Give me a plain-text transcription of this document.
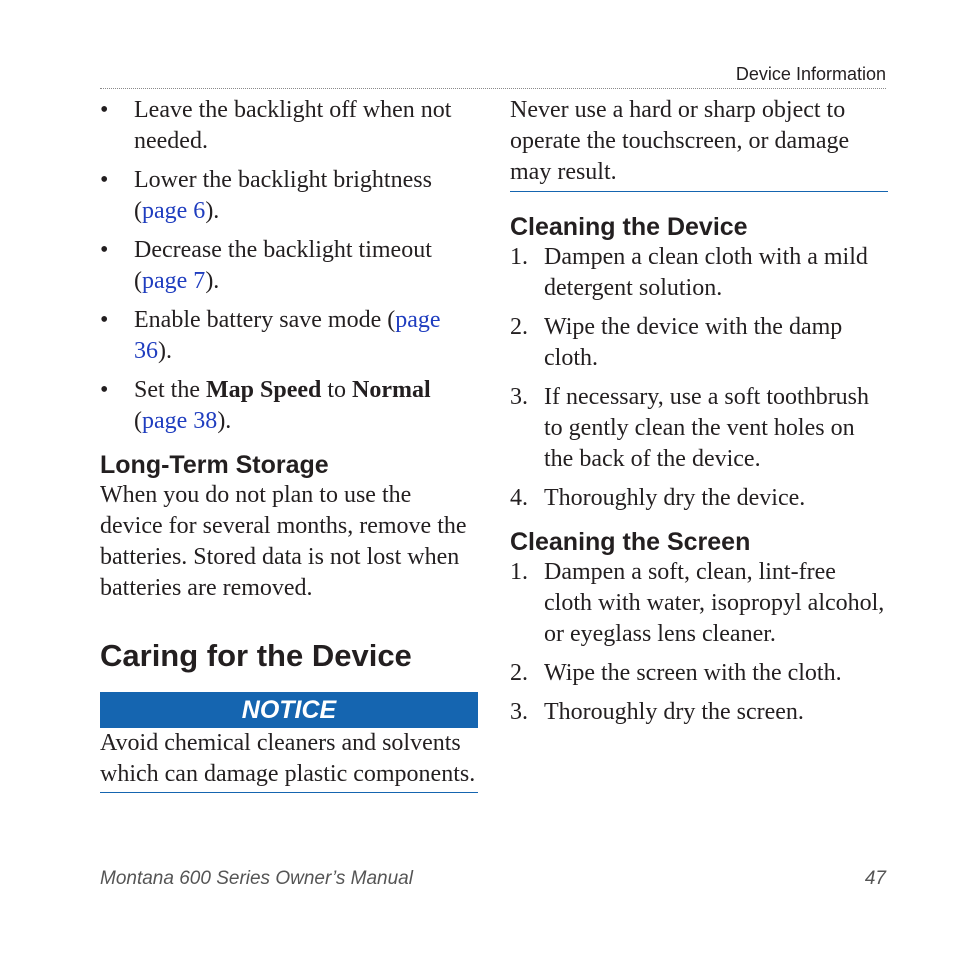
Device Information
• Leave the backlight off when not needed.
• Lower the backlight brightness (page 6).
• Decrease the backlight timeout (page 7).
• Enable battery save mode (page 36).
• Set the Map Speed to Normal
(page 38).
Long-Term Storage

When you do not plan to use the device for several months, remove the batteries. Stored data is not lost when batteries are removed.

Caring for the Device
NOTICE

Avoid chemical cleaners and solvents which can damage plastic components.

Never use a hard or sharp object to operate the touchscreen, or damage may result.

Cleaning the Device
1. Dampen a clean cloth with a mild detergent solution.
2. Wipe the device with the damp cloth.
3. If necessary, use a soft toothbrush to gently clean the vent holes on the back of the device.
4. Thoroughly dry the device.
Cleaning the Screen
1. Dampen a soft, clean, lint-free cloth with water, isopropyl alcohol, or eyeglass lens cleaner.
2. Wipe the screen with the cloth.
3. Thoroughly dry the screen.
Montana 600 Series Owner’s Manual	47
